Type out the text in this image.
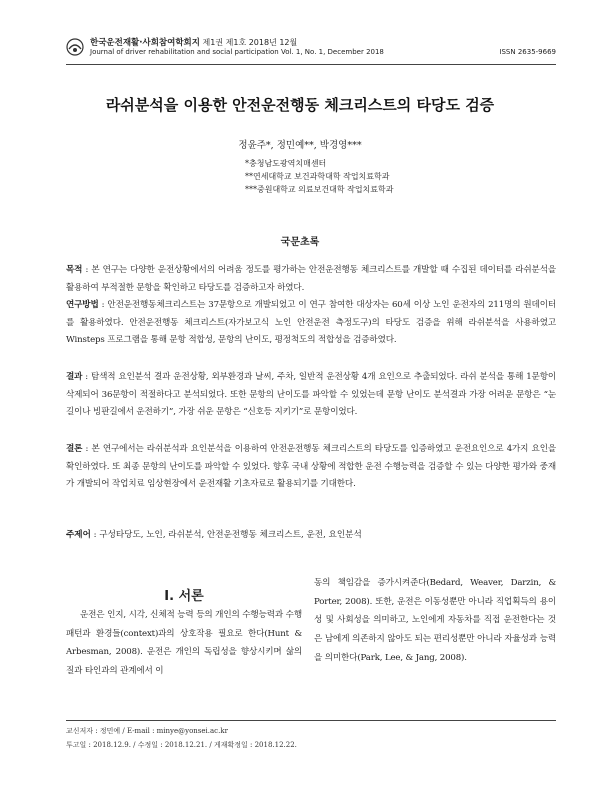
한국운전재활·사회참여학회지 제1권 제1호 2018년 12월
Journal of driver rehabilitation and social participation Vol. 1, No. 1, December 2018	ISSN 2635-9669
라쉬분석을 이용한 안전운전행동 체크리스트의 타당도 검증
정윤주*, 정민예**, 박경영***
*충청남도광역치매센터
**연세대학교 보건과학대학 작업치료학과
***중원대학교 의료보건대학 작업치료학과
국문초록

목적 : 본 연구는 다양한 운전상황에서의 어려움 정도를 평가하는 안전운전행동 체크리스트를 개발할 때 수집된 데이터를 라쉬분석을 활용하여 부적절한 문항을 확인하고 타당도를 검증하고자 하였다.

연구방법 : 안전운전행동체크리스트는 37문항으로 개발되었고 이 연구 참여한 대상자는 60세 이상 노인 운전자의 211명의 원데이터를 활용하였다. 안전운전행동 체크리스트(자가보고식 노인 안전운전 측정도구)의 타당도 검증을 위해 라쉬분석을 사용하였고 Winsteps 프로그램을 통해 문항 적합성, 문항의 난이도, 평정척도의 적합성을 검증하였다.

결과 : 탐색적 요인분석 결과 운전상황, 외부환경과 날씨, 주차, 일반적 운전상황 4개 요인으로 추출되었다. 라쉬 분석을 통해 1문항이 삭제되어 36문항이 적절하다고 분석되었다. 또한 문항의 난이도를 파악할 수 있었는데 문항 난이도 분석결과 가장 어려운 문항은 “눈길이나 빙판길에서 운전하기”, 가장 쉬운 문항은 “신호등 지키기”로 문항이었다.

결론 : 본 연구에서는 라쉬분석과 요인분석을 이용하여 안전운전행동 체크리스트의 타당도를 입증하였고 운전요인으로 4가지 요인을 확인하였다. 또 최종 문항의 난이도를 파악할 수 있었다. 향후 국내 상황에 적합한 운전 수행능력을 검증할 수 있는 다양한 평가와 중재가 개발되어 작업치료 임상현장에서 운전재활 기초자료로 활용되기를 기대한다.

주제어 : 구성타당도, 노인, 라쉬분석, 안전운전행동 체크리스트, 운전, 요인분석
Ⅰ. 서론

운전은 인지, 시각, 신체적 능력 등의 개인의 수행능력과 수행패턴과 환경들(context)과의 상호작용 필요로 한다(Hunt & Arbesman, 2008). 운전은 개인의 독립성을 향상시키며 삶의 질과 타인과의 관계에서 이

동의 책임감을 증가시켜준다(Bedard, Weaver, Darzin, & Porter, 2008). 또한, 운전은 이동성뿐만 아니라 직업획득의 용이성 및 사회성을 의미하고, 노인에게 자동차를 직접 운전한다는 것은 남에게 의존하지 않아도 되는 편리성뿐만 아니라 자율성과 능력을 의미한다(Park, Lee, & Jang, 2008).

교신저자 : 정민예 / E-mail : minye@yonsei.ac.kr
투고일 : 2018.12.9. / 수정일 : 2018.12.21. / 게재확정일 : 2018.12.22.
